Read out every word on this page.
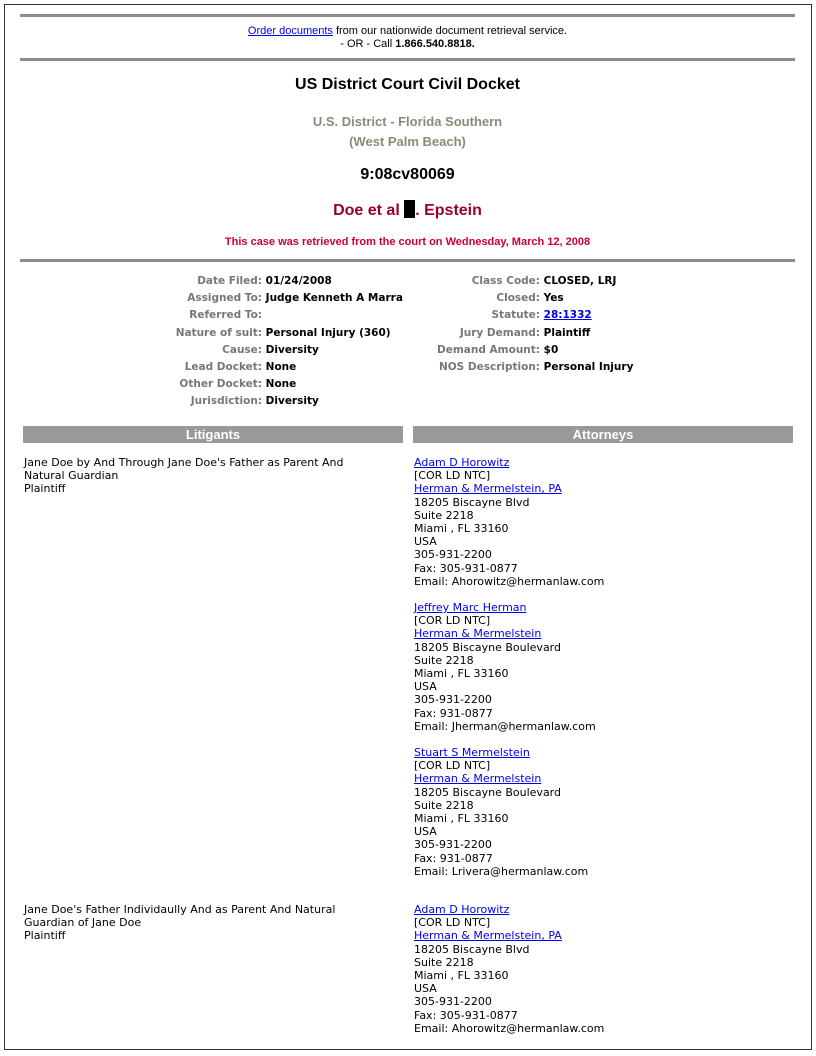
Order documents from our nationwide document retrieval service.
- OR - Call 1.866.540.8818.
US District Court Civil Docket
U.S. District - Florida Southern
(West Palm Beach)
9:08cv80069
Doe et al . Epstein
This case was retrieved from the court on Wednesday, March 12, 2008
Date Filed: 01/24/2008
Assigned To: Judge Kenneth A Marra
Referred To:
Nature of suit: Personal Injury (360)
Cause: Diversity
Lead Docket: None
Other Docket: None
Jurisdiction: Diversity
Class Code: CLOSED, LRJ
Closed: Yes
Statute: 28:1332
Jury Demand: Plaintiff
Demand Amount: $0
NOS Description: Personal Injury
Litigants	Attorneys
Jane Doe by And Through Jane Doe's Father as Parent And
Natural Guardian
Plaintiff
Adam D Horowitz

[COR LD NTC]
Herman & Mermelstein, PA
18205 Biscayne Blvd
Suite 2218
Miami , FL 33160
USA
305-931-2200
Fax: 305-931-0877
Email: Ahorowitz@hermanlaw.com
Jeffrey Marc Herman

[COR LD NTC]
Herman & Mermelstein
18205 Biscayne Boulevard
Suite 2218
Miami , FL 33160
USA
305-931-2200
Fax: 931-0877
Email: Jherman@hermanlaw.com
Stuart S Mermelstein

[COR LD NTC]
Herman & Mermelstein
18205 Biscayne Boulevard
Suite 2218
Miami , FL 33160
USA
305-931-2200
Fax: 931-0877
Email: Lrivera@hermanlaw.com
Jane Doe's Father Individaully And as Parent And Natural
Guardian of Jane Doe
Plaintiff
Adam D Horowitz

[COR LD NTC]
Herman & Mermelstein, PA
18205 Biscayne Blvd
Suite 2218
Miami , FL 33160
USA
305-931-2200
Fax: 305-931-0877
Email: Ahorowitz@hermanlaw.com
